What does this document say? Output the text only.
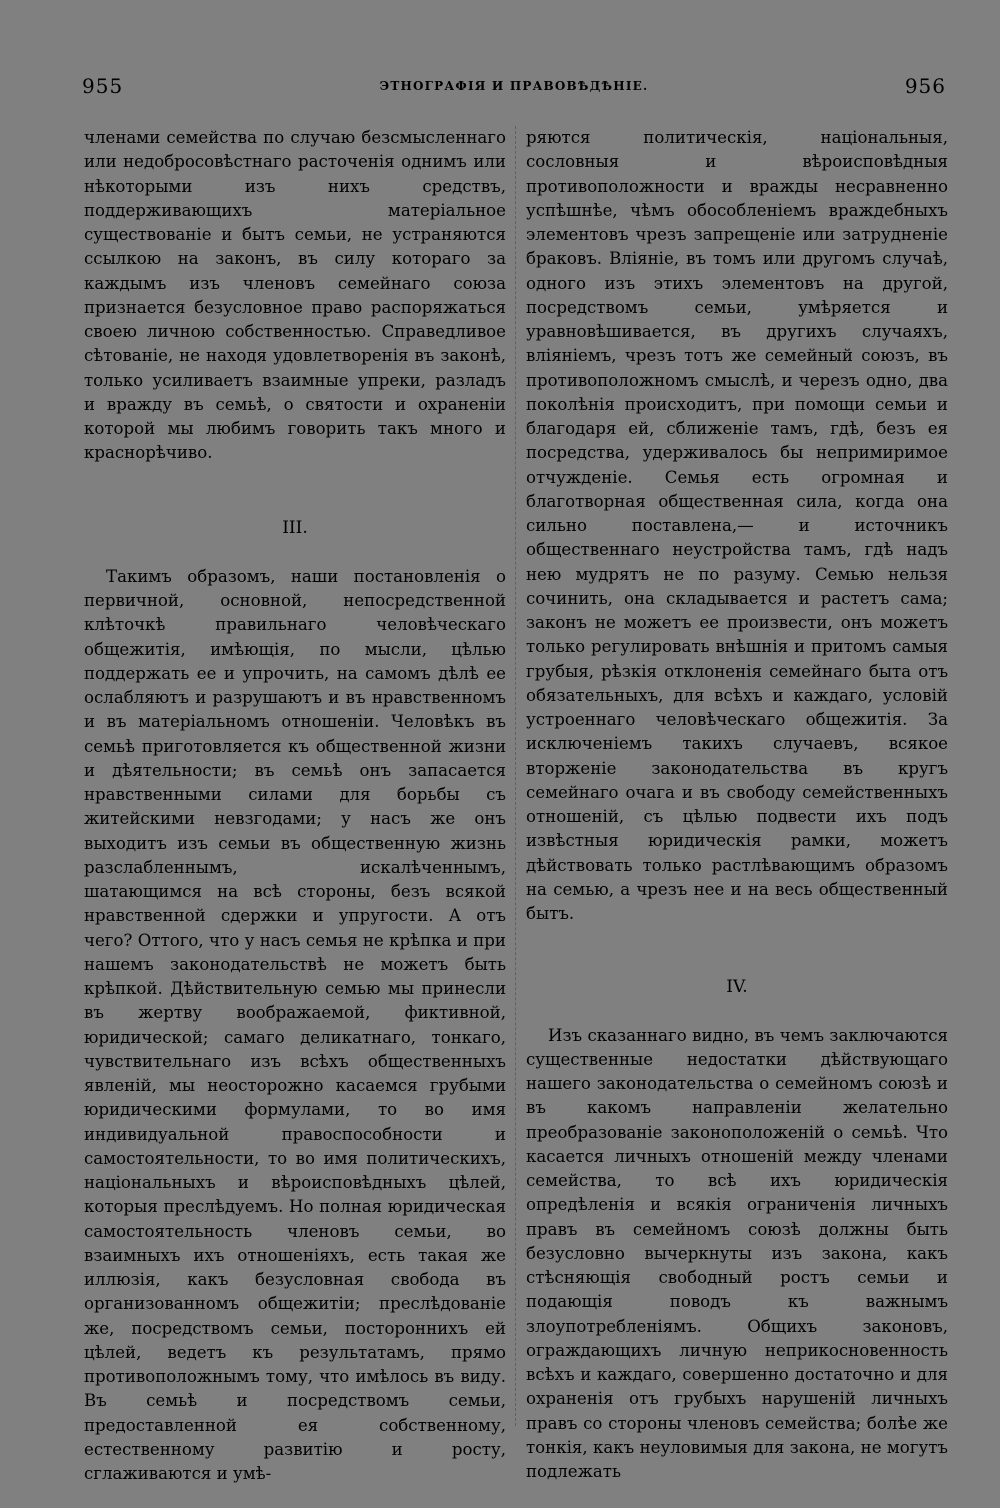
955	ЭТНОГРАФІЯ И ПРАВОВѢДѢНІЕ.	956

членами семейства по случаю безсмысленнаго или недобросовѣстнаго расточенія однимъ или нѣкоторыми изъ нихъ средствъ, поддерживающихъ матеріальное существованіе и бытъ семьи, не устраняются ссылкою на законъ, въ силу котораго за каждымъ изъ членовъ семейнаго союза признается безусловное право распоряжаться своею личною собственностью. Справедливое сѣтованіе, не находя удовлетворенія въ законѣ, только усиливаетъ взаимные упреки, разладъ и вражду въ семьѣ, о святости и охраненіи которой мы любимъ говорить такъ много и краснорѣчиво.

III.

Такимъ образомъ, наши постановленія о первичной, основной, непосредственной клѣточкѣ правильнаго человѣческаго общежитія, имѣющія, по мысли, цѣлью поддержать ее и упрочить, на самомъ дѣлѣ ее ослабляютъ и разрушаютъ и въ нравственномъ и въ матеріальномъ отношеніи. Человѣкъ въ семьѣ приготовляется къ общественной жизни и дѣятельности; въ семьѣ онъ запасается нравственными силами для борьбы съ житейскими невзгодами; у насъ же онъ выходитъ изъ семьи въ общественную жизнь разслабленнымъ, искалѣченнымъ, шатающимся на всѣ стороны, безъ всякой нравственной сдержки и упругости. А отъ чего? Оттого, что у насъ семья не крѣпка и при нашемъ законодательствѣ не можетъ быть крѣпкой. Дѣйствительную семью мы принесли въ жертву воображаемой, фиктивной, юридической; самаго деликатнаго, тонкаго, чувствительнаго изъ всѣхъ общественныхъ явленій, мы неосторожно касаемся грубыми юридическими формулами, то во имя индивидуальной правоспособности и самостоятельности, то во имя политическихъ, національныхъ и вѣроисповѣдныхъ цѣлей, которыя преслѣдуемъ. Но полная юридическая самостоятельность членовъ семьи, во взаимныхъ ихъ отношеніяхъ, есть такая же иллюзія, какъ безусловная свобода въ организованномъ общежитіи; преслѣдованіе же, посредствомъ семьи, постороннихъ ей цѣлей, ведетъ къ результатамъ, прямо противоположнымъ тому, что имѣлось въ виду. Въ семьѣ и посредствомъ семьи, предоставленной ея собственному, естественному развитію и росту, сглаживаются и умѣ-

ряются политическія, національныя, сословныя и вѣроисповѣдныя противоположности и вражды несравненно успѣшнѣе, чѣмъ обособленіемъ враждебныхъ элементовъ чрезъ запрещеніе или затрудненіе браковъ. Вліяніе, въ томъ или другомъ случаѣ, одного изъ этихъ элементовъ на другой, посредствомъ семьи, умѣряется и уравновѣшивается, въ другихъ случаяхъ, вліяніемъ, чрезъ тотъ же семейный союзъ, въ противоположномъ смыслѣ, и черезъ одно, два поколѣнія происходитъ, при помощи семьи и благодаря ей, сближеніе тамъ, гдѣ, безъ ея посредства, удерживалось бы непримиримое отчужденіе. Семья есть огромная и благотворная общественная сила, когда она сильно поставлена,— и источникъ общественнаго неустройства тамъ, гдѣ надъ нею мудрятъ не по разуму. Семью нельзя сочинить, она складывается и растетъ сама; законъ не можетъ ее произвести, онъ можетъ только регулировать внѣшнія и притомъ самыя грубыя, рѣзкія отклоненія семейнаго быта отъ обязательныхъ, для всѣхъ и каждаго, условій устроеннаго человѣческаго общежитія. За исключеніемъ такихъ случаевъ, всякое вторженіе законодательства въ кругъ семейнаго очага и въ свободу семейственныхъ отношеній, съ цѣлью подвести ихъ подъ извѣстныя юридическія рамки, можетъ дѣйствовать только растлѣвающимъ образомъ на семью, а чрезъ нее и на весь общественный бытъ.

IV.

Изъ сказаннаго видно, въ чемъ заключаются существенные недостатки дѣйствующаго нашего законодательства о семейномъ союзѣ и въ какомъ направленіи желательно преобразованіе законоположеній о семьѣ. Что касается личныхъ отношеній между членами семейства, то всѣ ихъ юридическія опредѣленія и всякія ограниченія личныхъ правъ въ семейномъ союзѣ должны быть безусловно вычеркнуты изъ закона, какъ стѣсняющія свободный ростъ семьи и подающія поводъ къ важнымъ злоупотребленіямъ. Общихъ законовъ, ограждающихъ личную неприкосновенность всѣхъ и каждаго, совершенно достаточно и для охраненія отъ грубыхъ нарушеній личныхъ правъ со стороны членовъ семейства; болѣе же тонкія, какъ неуловимыя для закона, не могутъ подлежать
